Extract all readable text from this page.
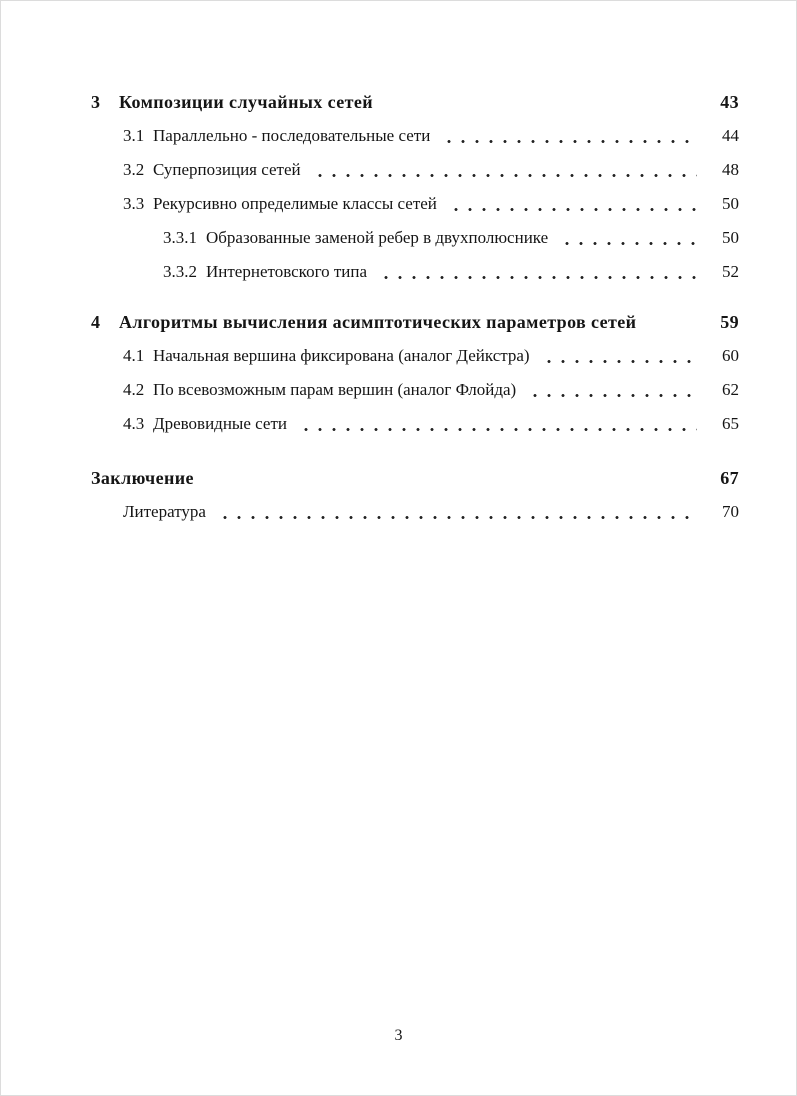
3	Композиции случайных сетей	43
3.1 Параллельно - последовательные сети	44
3.2 Суперпозиция сетей	48
3.3 Рекурсивно определимые классы сетей	50
3.3.1 Образованные заменой ребер в двухполюснике	50
3.3.2 Интернетовского типа	52
4	Алгоритмы вычисления асимптотических параметров сетей	59
4.1 Начальная вершина фиксирована (аналог Дейкстра)	60
4.2 По всевозможным парам вершин (аналог Флойда)	62
4.3 Древовидные сети	65
Заключение	67
Литература	70
3
